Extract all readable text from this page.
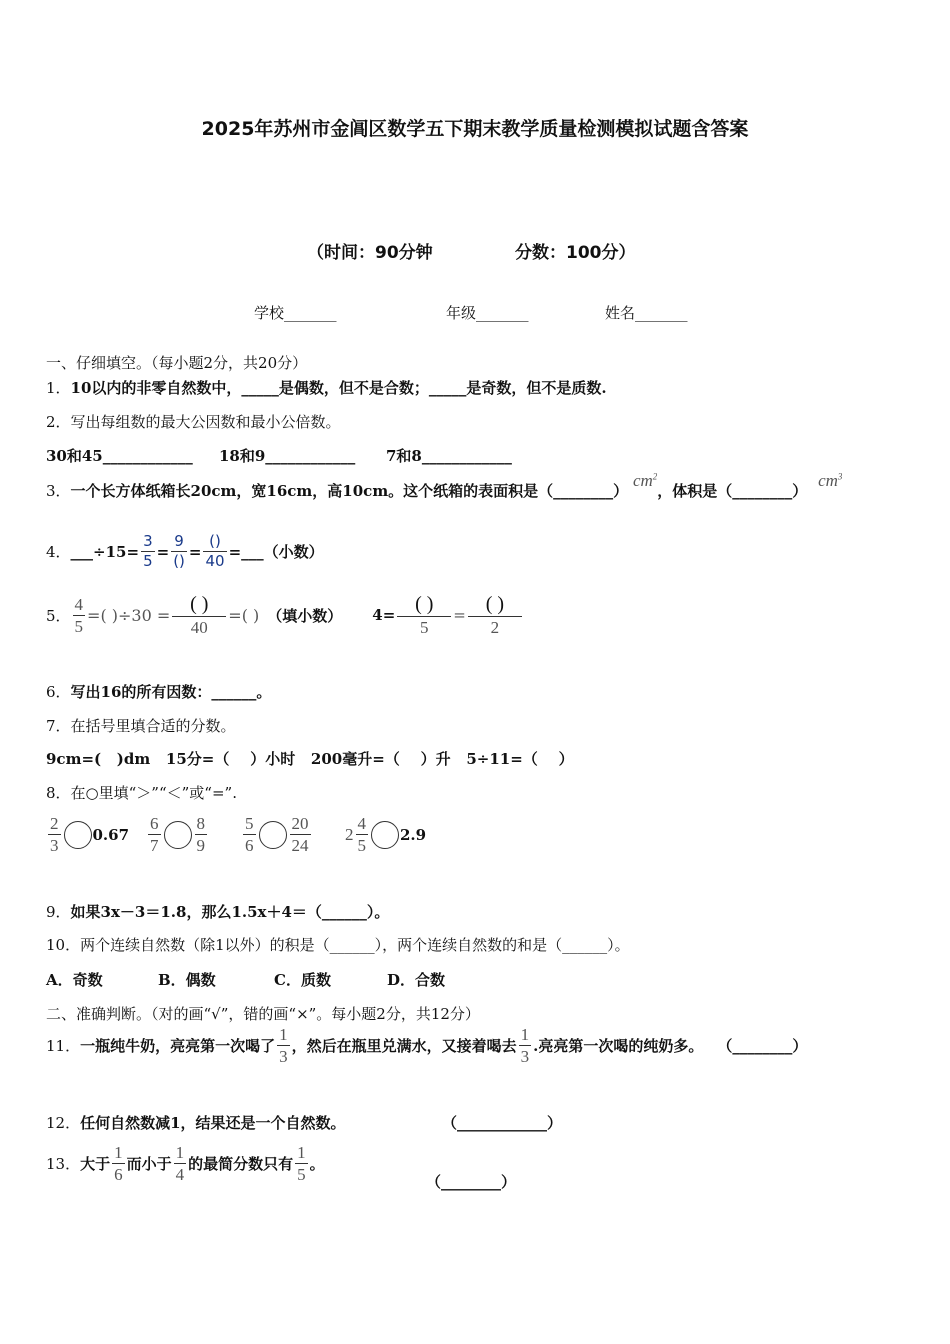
2025年苏州市金阊区数学五下期末教学质量检测模拟试题含答案
（时间：90分钟	分数：100分）
学校_______	年级_______	姓名_______
一、仔细填空。（每小题2分，共20分）
1．10以内的非零自然数中，_____是偶数，但不是合数；_____是奇数，但不是质数.
2．写出每组数的最大公因数和最小公倍数。
30和45____________ 18和9____________ 7和8____________
3．一个长方体纸箱长20cm，宽16cm，高10cm。这个纸箱的表面积是（________） $cm^2$，体积是（________） $cm^3$
4． ___÷15= $\frac{3}{5} = \frac{9}{()} = \frac{()}{40}$ =___（小数）
5． $\frac{4}{5}$ =( )$\div 30 = \frac{( )}{40}$ =( ) （填小数） $4= \frac{( )}{5} = \frac{( )}{2}$
6．写出16的所有因数：______。
7．在括号里填合适的分数。
9cm=(   )dm   15分=（    ）小时   200毫升=（    ）升   5÷11=（    ）
8．在○里填“＞”“＜”或“=”.
$\frac{2}{3} 0.67 \frac{6}{7} \frac{8}{9} \frac{5}{6} \frac{20}{24} 2 \frac{4}{5} 2.9$
9．如果3x－3＝1.8，那么1.5x＋4＝（______）。
10．两个连续自然数（除1以外）的积是（______），两个连续自然数的和是（______）。
A．奇数	B．偶数	C．质数	D．合数
二、准确判断。（对的画“√”，错的画“×”。每小题2分，共12分）
11． 一瓶纯牛奶，亮亮第一次喝了 $\frac{1}{3}$ ，然后在瓶里兑满水，又接着喝去 $\frac{1}{3}$ .亮亮第一次喝的纯奶多。 （________）
12．任何自然数减1，结果还是一个自然数。	（____________）
13． 大于 $\frac{1}{6}$ 而小于 $\frac{1}{4}$ 的最简分数只有 $\frac{1}{5}$ 。
（________）
